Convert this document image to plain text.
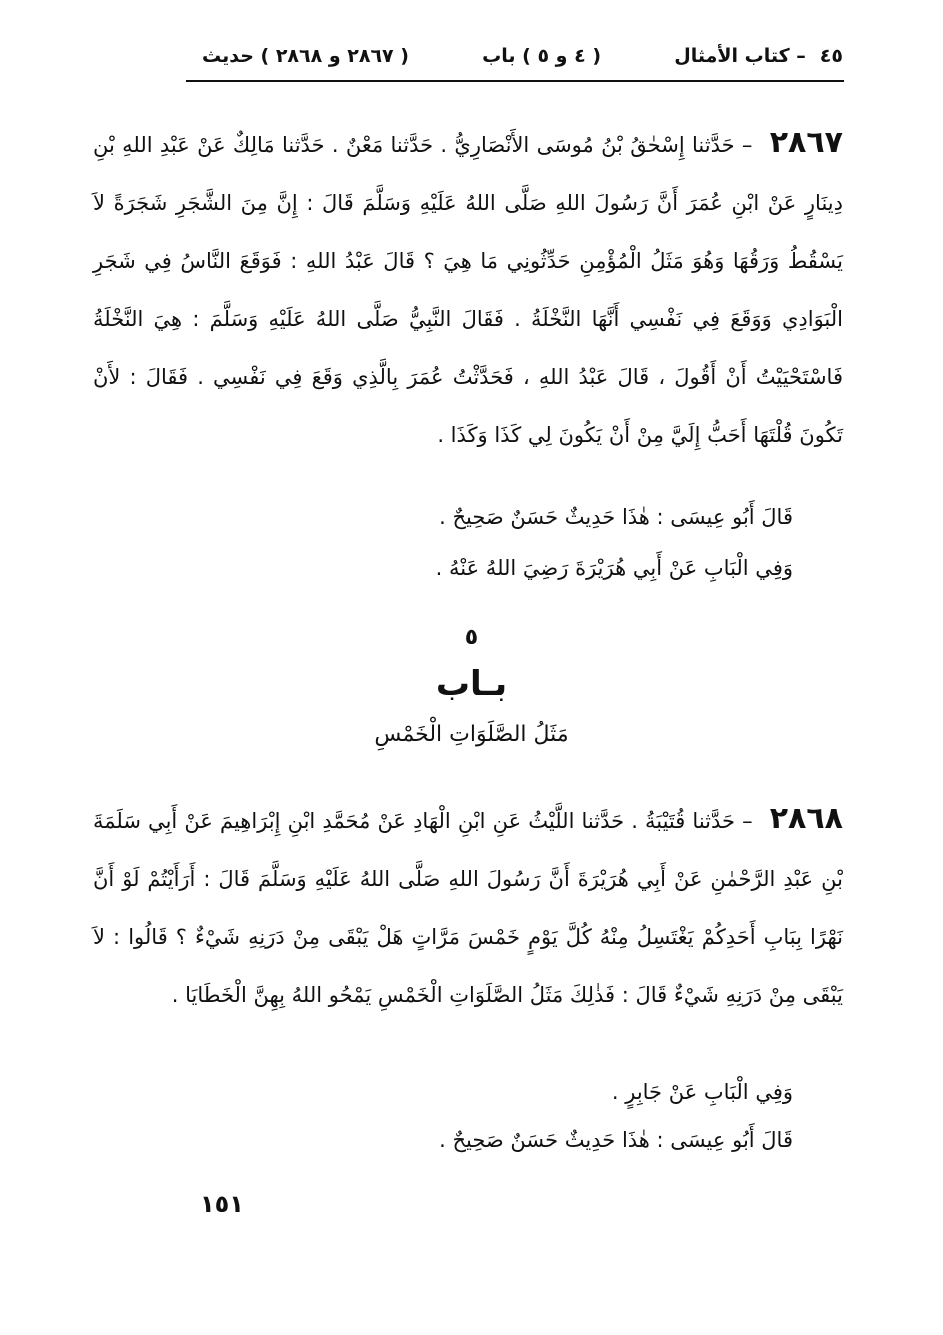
٤٥
– كتاب الأمثال
( ٤ و ٥ ) باب
( ٢٨٦٧ و ٢٨٦٨ ) حديث
٢٨٦٧ – حَدَّثنا إِسْحٰقُ بْنُ مُوسَى الأَنْصَارِيُّ . حَدَّثنا مَعْنٌ . حَدَّثنا مَالِكٌ عَنْ عَبْدِ اللهِ بْنِ دِينَارٍ عَنْ ابْنِ عُمَرَ أَنَّ رَسُولَ اللهِ صَلَّى اللهُ عَلَيْهِ وَسَلَّمَ قَالَ : إِنَّ مِنَ الشَّجَرِ شَجَرَةً لاَ يَسْقُطُ وَرَقُهَا وَهُوَ مَثَلُ الْمُؤْمِنِ حَدِّثُونِي مَا هِيَ ؟ قَالَ عَبْدُ اللهِ : فَوَقَعَ النَّاسُ فِي شَجَرِ الْبَوَادِي وَوَقَعَ فِي نَفْسِي أَنَّهَا النَّخْلَةُ . فَقَالَ النَّبِيُّ صَلَّى اللهُ عَلَيْهِ وَسَلَّمَ : هِيَ النَّخْلَةُ فَاسْتَحْيَيْتُ أَنْ أَقُولَ ، قَالَ عَبْدُ اللهِ ، فَحَدَّثْتُ عُمَرَ بِالَّذِي وَقَعَ فِي نَفْسِي . فَقَالَ : لأَنْ تَكُونَ قُلْتَهَا أَحَبُّ إِلَيَّ مِنْ أَنْ يَكُونَ لِي كَذَا وَكَذَا .
قَالَ أَبُو عِيسَى : هٰذَا حَدِيثٌ حَسَنٌ صَحِيحٌ .
وَفِي الْبَابِ عَنْ أَبِي هُرَيْرَةَ رَضِيَ اللهُ عَنْهُ .
٥
بـاب
مَثَلُ الصَّلَوَاتِ الْخَمْسِ
٢٨٦٨ – حَدَّثنا قُتَيْبَةُ . حَدَّثنا اللَّيْثُ عَنِ ابْنِ الْهَادِ عَنْ مُحَمَّدِ ابْنِ إِبْرَاهِيمَ عَنْ أَبِي سَلَمَةَ بْنِ عَبْدِ الرَّحْمٰنِ عَنْ أَبِي هُرَيْرَةَ أَنَّ رَسُولَ اللهِ صَلَّى اللهُ عَلَيْهِ وَسَلَّمَ قَالَ : أَرَأَيْتُمْ لَوْ أَنَّ نَهْرًا بِبَابِ أَحَدِكُمْ يَغْتَسِلُ مِنْهُ كُلَّ يَوْمٍ خَمْسَ مَرَّاتٍ هَلْ يَبْقَى مِنْ دَرَنِهِ شَيْءٌ ؟ قَالُوا : لاَ يَبْقَى مِنْ دَرَنِهِ شَيْءٌ قَالَ : فَذٰلِكَ مَثَلُ الصَّلَوَاتِ الْخَمْسِ يَمْحُو اللهُ بِهِنَّ الْخَطَايَا .
وَفِي الْبَابِ عَنْ جَابِرٍ .
قَالَ أَبُو عِيسَى : هٰذَا حَدِيثٌ حَسَنٌ صَحِيحٌ .
١٥١
